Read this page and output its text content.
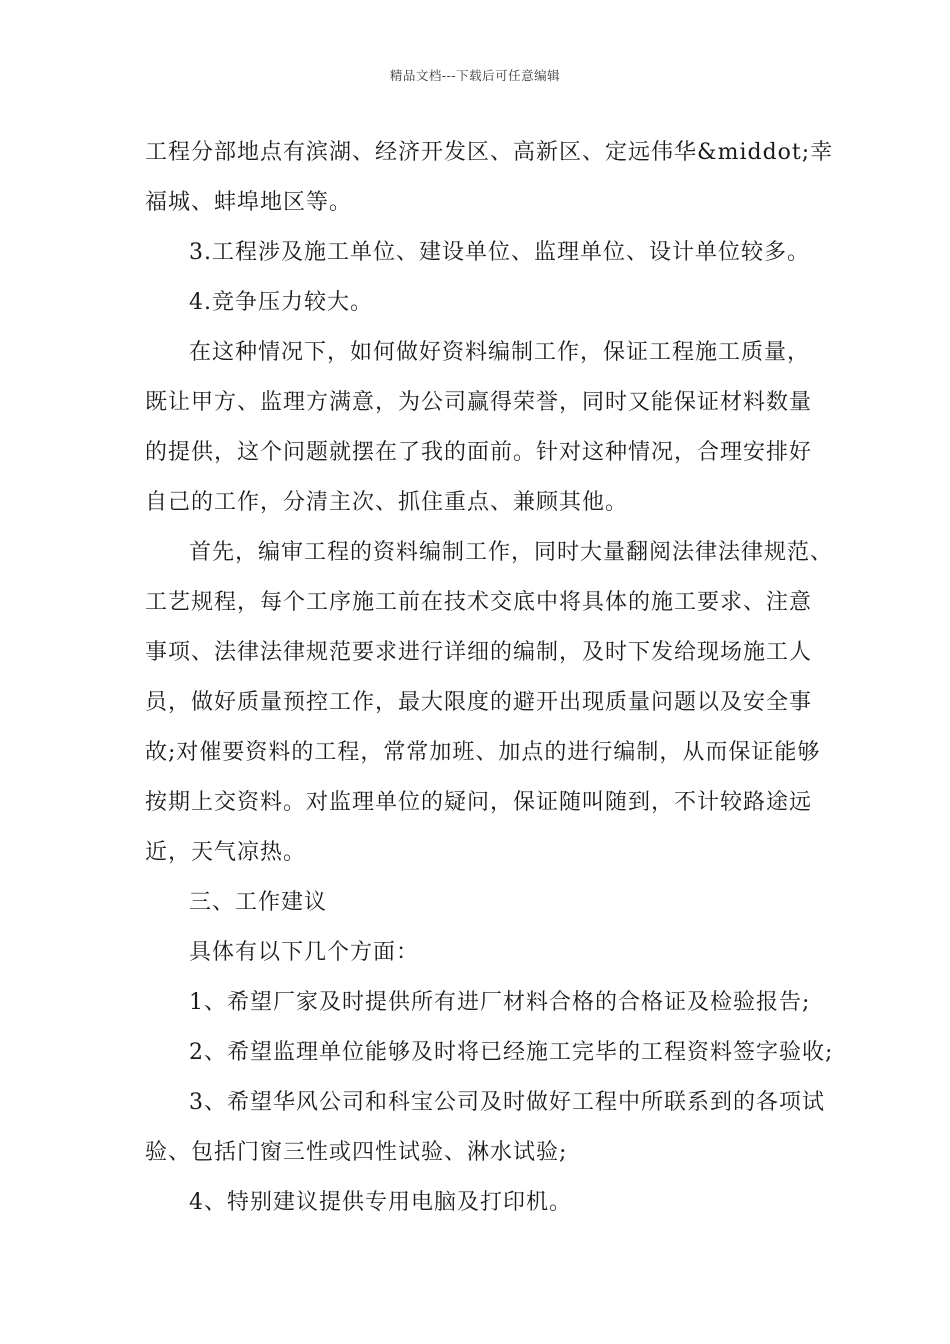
精品文档---下载后可任意编辑
工程分部地点有滨湖、经济开发区、高新区、定远伟华&middot;幸
福城、蚌埠地区等。
3.工程涉及施工单位、建设单位、监理单位、设计单位较多。
4.竞争压力较大。
在这种情况下，如何做好资料编制工作，保证工程施工质量，
既让甲方、监理方满意，为公司赢得荣誉，同时又能保证材料数量
的提供，这个问题就摆在了我的面前。针对这种情况，合理安排好
自己的工作，分清主次、抓住重点、兼顾其他。
首先，编审工程的资料编制工作，同时大量翻阅法律法律规范、
工艺规程，每个工序施工前在技术交底中将具体的施工要求、注意
事项、法律法律规范要求进行详细的编制，及时下发给现场施工人
员，做好质量预控工作，最大限度的避开出现质量问题以及安全事
故;对催要资料的工程，常常加班、加点的进行编制，从而保证能够
按期上交资料。对监理单位的疑问，保证随叫随到，不计较路途远
近，天气凉热。
三、工作建议
具体有以下几个方面：
1、希望厂家及时提供所有进厂材料合格的合格证及检验报告;
2、希望监理单位能够及时将已经施工完毕的工程资料签字验收;
3、希望华风公司和科宝公司及时做好工程中所联系到的各项试
验、包括门窗三性或四性试验、淋水试验;
4、特别建议提供专用电脑及打印机。
